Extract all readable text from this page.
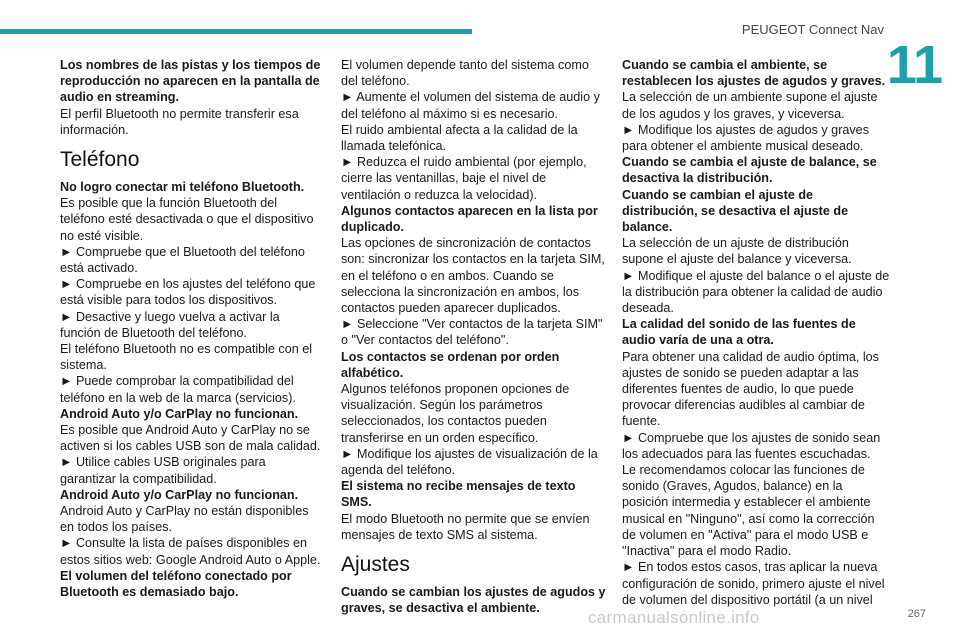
PEUGEOT Connect Nav
11

Los nombres de las pistas y los tiempos de reproducción no aparecen en la pantalla de audio en streaming.

El perfil Bluetooth no permite transferir esa información.

Teléfono

No logro conectar mi teléfono Bluetooth.

Es posible que la función Bluetooth del teléfono esté desactivada o que el dispositivo no esté visible.

► Compruebe que el Bluetooth del teléfono está activado.

► Compruebe en los ajustes del teléfono que está visible para todos los dispositivos.

► Desactive y luego vuelva a activar la función de Bluetooth del teléfono.

El teléfono Bluetooth no es compatible con el sistema.

► Puede comprobar la compatibilidad del teléfono en la web de la marca (servicios).

Android Auto y/o CarPlay no funcionan.

Es posible que Android Auto y CarPlay no se activen si los cables USB son de mala calidad.

► Utilice cables USB originales para garantizar la compatibilidad.

Android Auto y/o CarPlay no funcionan.

Android Auto y CarPlay no están disponibles en todos los países.

► Consulte la lista de países disponibles en estos sitios web: Google Android Auto o Apple.

El volumen del teléfono conectado por Bluetooth es demasiado bajo.

El volumen depende tanto del sistema como del teléfono.

► Aumente el volumen del sistema de audio y del teléfono al máximo si es necesario.

El ruido ambiental afecta a la calidad de la llamada telefónica.

► Reduzca el ruido ambiental (por ejemplo, cierre las ventanillas, baje el nivel de ventilación o reduzca la velocidad).

Algunos contactos aparecen en la lista por duplicado.

Las opciones de sincronización de contactos son: sincronizar los contactos en la tarjeta SIM, en el teléfono o en ambos. Cuando se selecciona la sincronización en ambos, los contactos pueden aparecer duplicados.

► Seleccione "Ver contactos de la tarjeta SIM" o "Ver contactos del teléfono".

Los contactos se ordenan por orden alfabético.

Algunos teléfonos proponen opciones de visualización. Según los parámetros seleccionados, los contactos pueden transferirse en un orden específico.

► Modifique los ajustes de visualización de la agenda del teléfono.

El sistema no recibe mensajes de texto SMS.

El modo Bluetooth no permite que se envíen mensajes de texto SMS al sistema.

Ajustes

Cuando se cambian los ajustes de agudos y graves, se desactiva el ambiente.

Cuando se cambia el ambiente, se restablecen los ajustes de agudos y graves.

La selección de un ambiente supone el ajuste de los agudos y los graves, y viceversa.

► Modifique los ajustes de agudos y graves para obtener el ambiente musical deseado.

Cuando se cambia el ajuste de balance, se desactiva la distribución.

Cuando se cambian el ajuste de distribución, se desactiva el ajuste de balance.

La selección de un ajuste de distribución supone el ajuste del balance y viceversa.

► Modifique el ajuste del balance o el ajuste de la distribución para obtener la calidad de audio deseada.

La calidad del sonido de las fuentes de audio varía de una a otra.

Para obtener una calidad de audio óptima, los ajustes de sonido se pueden adaptar a las diferentes fuentes de audio, lo que puede provocar diferencias audibles al cambiar de fuente.

► Compruebe que los ajustes de sonido sean los adecuados para las fuentes escuchadas.

Le recomendamos colocar las funciones de sonido (Graves, Agudos, balance) en la posición intermedia y establecer el ambiente musical en "Ninguno", así como la corrección de volumen en "Activa" para el modo USB e "Inactiva" para el modo Radio.

► En todos estos casos, tras aplicar la nueva configuración de sonido, primero ajuste el nivel de volumen del dispositivo portátil (a un nivel

carmanualsonline.info	267
